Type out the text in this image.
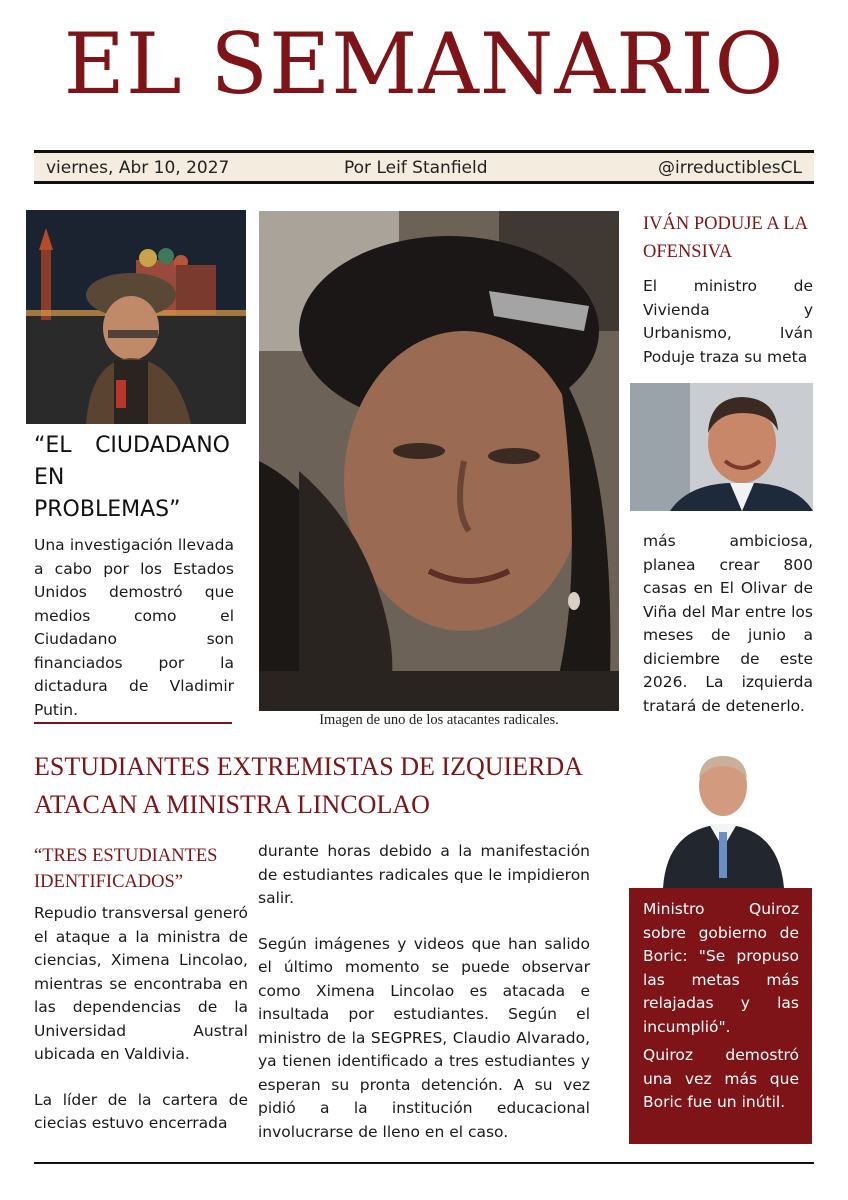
EL SEMANARIO
viernes, Abr 10, 2027	Por Leif Stanfield	@irreductiblesCL
“EL CIUDADANO
EN
PROBLEMAS”
Una investigación llevada a cabo por los Estados Unidos demostró que medios como el Ciudadano son financiados por la dictadura de Vladimir Putin.
Imagen de uno de los atacantes radicales.
IVÁN PODUJE A LA
OFENSIVA
El ministro de Vivienda y Urbanismo, Iván Poduje traza su meta
más ambiciosa, planea crear 800 casas en El Olivar de Viña del Mar entre los meses de junio a diciembre de este 2026. La izquierda tratará de detenerlo.
ESTUDIANTES EXTREMISTAS DE IZQUIERDA
ATACAN A MINISTRA LINCOLAO
“TRES ESTUDIANTES
IDENTIFICADOS”
Repudio transversal generó el ataque a la ministra de ciencias, Ximena Lincolao, mientras se encontraba en las dependencias de la Universidad Austral ubicada en Valdivia.
La líder de la cartera de ciecias estuvo encerrada
durante horas debido a la manifestación de estudiantes radicales que le impidieron salir.
Según imágenes y videos que han salido el último momento se puede observar como Ximena Lincolao es atacada e insultada por estudiantes. Según el ministro de la SEGPRES, Claudio Alvarado, ya tienen identificado a tres estudiantes y esperan su pronta detención. A su vez pidió a la institución educacional involucrarse de lleno en el caso.
Ministro Quiroz sobre gobierno de Boric: "Se propuso las metas más relajadas y las incumplió".
Quiroz demostró una vez más que Boric fue un inútil.
